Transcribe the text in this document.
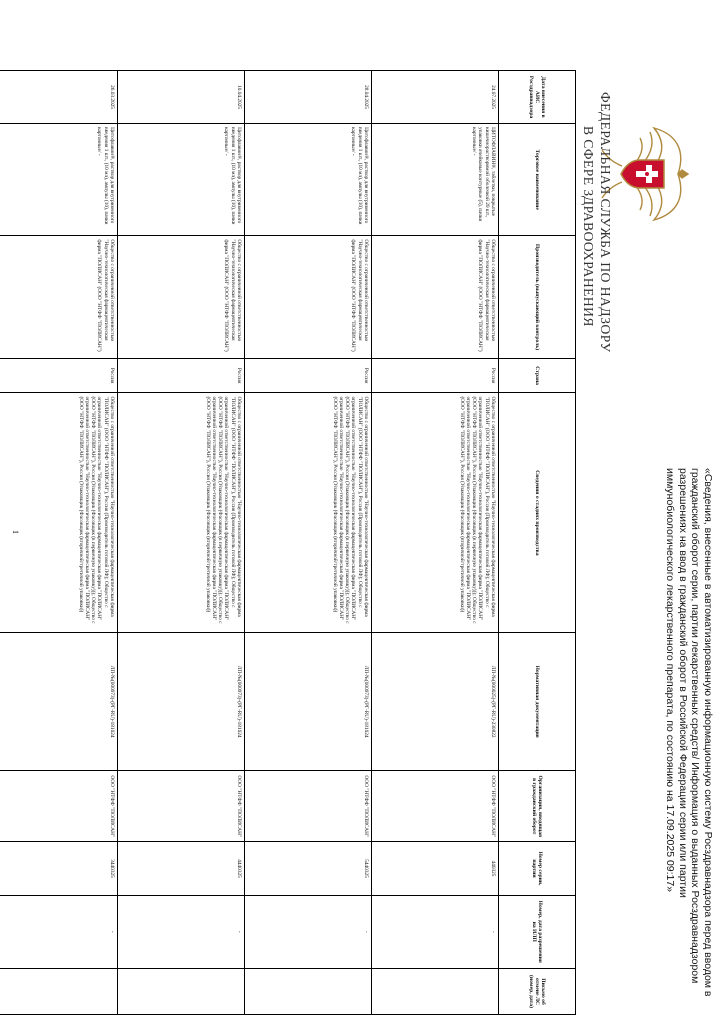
ФЕДЕРАЛЬНАЯ СЛУЖБА ПО НАДЗОРУ
В СФЕРЕ ЗДРАВООХРАНЕНИЯ
«Сведения, внесенные в автоматизированную информационную систему Росздравнадзора перед вводом в гражданский оборот серии, партии лекарственных средств/ Информация о выданных Росздравнадзором разрешениях на ввод в гражданский оборот в Российской Федерации серии или партии иммунобиологического лекарственного препарата, по состоянию на 17.09.2025 09:17»
Дата внесения в АИС Росздравнадзора	Торговое наименование	Производитель (выпускающий контроль)	Страна	Сведения о стадиях производства	Нормативная документация	Организация, вводящая в гражданский оборот	Номер серии, партии	Номер, дата разрешения на ИЛП	Письмо об отмене ЛС (номер, дата)
24.07.2025	ЦИТОФЛАВИН®, таблетки, покрытые кишечнорастворимой оболочкой 20 шт., упаковки ячейковые контурные (5), пачки картонные/ -	Общество с ограниченной ответственностью "Научно-технологическая фармацевтическая фирма "ПОЛИСАН" (ООО "НТФФ "ПОЛИСАН")	Россия	Общество с ограниченной ответственностью "Научно-технологическая фармацевтическая фирма "ПОЛИСАН" (ООО "НТФФ "ПОЛИСАН"), Россия (Производитель готовой ЛФ); Общество с ограниченной ответственностью "Научно-технологическая фармацевтическая фирма "ПОЛИСАН" (ООО "НТФФ "ПОЛИСАН"), Россия (Упаковщик (Фасовщик (в первичную упаковку))); Общество с ограниченной ответственностью "Научно-технологическая фармацевтическая фирма "ПОЛИСАН" (ООО "НТФФ "ПОЛИСАН"), Россия (Упаковщик (Фасовщик (вторичной/третичной упаковки))	ЛП-№(000025)-(РГ-RU)-230822	ООО "НТФФ "ПОЛИСАН"	440325	-	
28.04.2025	Цитофлавин®, раствор для внутривенного введения 1 шт., (10 мл), ампулы (10), пачки картонные/ -	Общество с ограниченной ответственностью "Научно-технологическая фармацевтическая фирма "ПОЛИСАН" (ООО "НТФФ "ПОЛИСАН")	Россия	Общество с ограниченной ответственностью "Научно-технологическая фармацевтическая фирма "ПОЛИСАН" (ООО "НТФФ "ПОЛИСАН"), Россия (Производитель готовой ЛФ); Общество с ограниченной ответственностью "Научно-технологическая фармацевтическая фирма "ПОЛИСАН" (ООО "НТФФ "ПОЛИСАН"), Россия (Упаковщик (Фасовщик (в первичную упаковку))); Общество с ограниченной ответственностью "Научно-технологическая фармацевтическая фирма "ПОЛИСАН" (ООО "НТФФ "ПОЛИСАН"), Россия (Упаковщик (Фасовщик (вторичной/третичной упаковки))	ЛП-№(000973)-(РГ-RU)-181024	ООО "НТФФ "ПОЛИСАН"	5440325	-	
10.04.2025	Цитофлавин®, раствор для внутривенного введения 1 шт., (10 мл), ампулы (10), пачки картонные/ -	Общество с ограниченной ответственностью "Научно-технологическая фармацевтическая фирма "ПОЛИСАН" (ООО "НТФФ "ПОЛИСАН")	Россия	Общество с ограниченной ответственностью "Научно-технологическая фармацевтическая фирма "ПОЛИСАН" (ООО "НТФФ "ПОЛИСАН"), Россия (Производитель готовой ЛФ); Общество с ограниченной ответственностью "Научно-технологическая фармацевтическая фирма "ПОЛИСАН" (ООО "НТФФ "ПОЛИСАН"), Россия (Упаковщик (Фасовщик (в первичную упаковку))); Общество с ограниченной ответственностью "Научно-технологическая фармацевтическая фирма "ПОЛИСАН" (ООО "НТФФ "ПОЛИСАН"), Россия (Упаковщик (Фасовщик (вторичной/третичной упаковки))	ЛП-№(000973)-(РГ-RU)-181024	ООО "НТФФ "ПОЛИСАН"	4440325	-	
26.03.2025	Цитофлавин®, раствор для внутривенного введения 1 шт., (10 мл), ампулы (10), пачки картонные/ -	Общество с ограниченной ответственностью "Научно-технологическая фармацевтическая фирма "ПОЛИСАН" (ООО "НТФФ "ПОЛИСАН")	Россия	Общество с ограниченной ответственностью "Научно-технологическая фармацевтическая фирма "ПОЛИСАН" (ООО "НТФФ "ПОЛИСАН"), Россия (Производитель готовой ЛФ); Общество с ограниченной ответственностью "Научно-технологическая фармацевтическая фирма "ПОЛИСАН" (ООО "НТФФ "ПОЛИСАН"), Россия (Упаковщик (Фасовщик (в первичную упаковку))); Общество с ограниченной ответственностью "Научно-технологическая фармацевтическая фирма "ПОЛИСАН" (ООО "НТФФ "ПОЛИСАН"), Россия (Упаковщик (Фасовщик (вторичной/третичной упаковки))	ЛП-№(000973)-(РГ-RU)-181024	ООО "НТФФ "ПОЛИСАН"	3440325	-	
1
